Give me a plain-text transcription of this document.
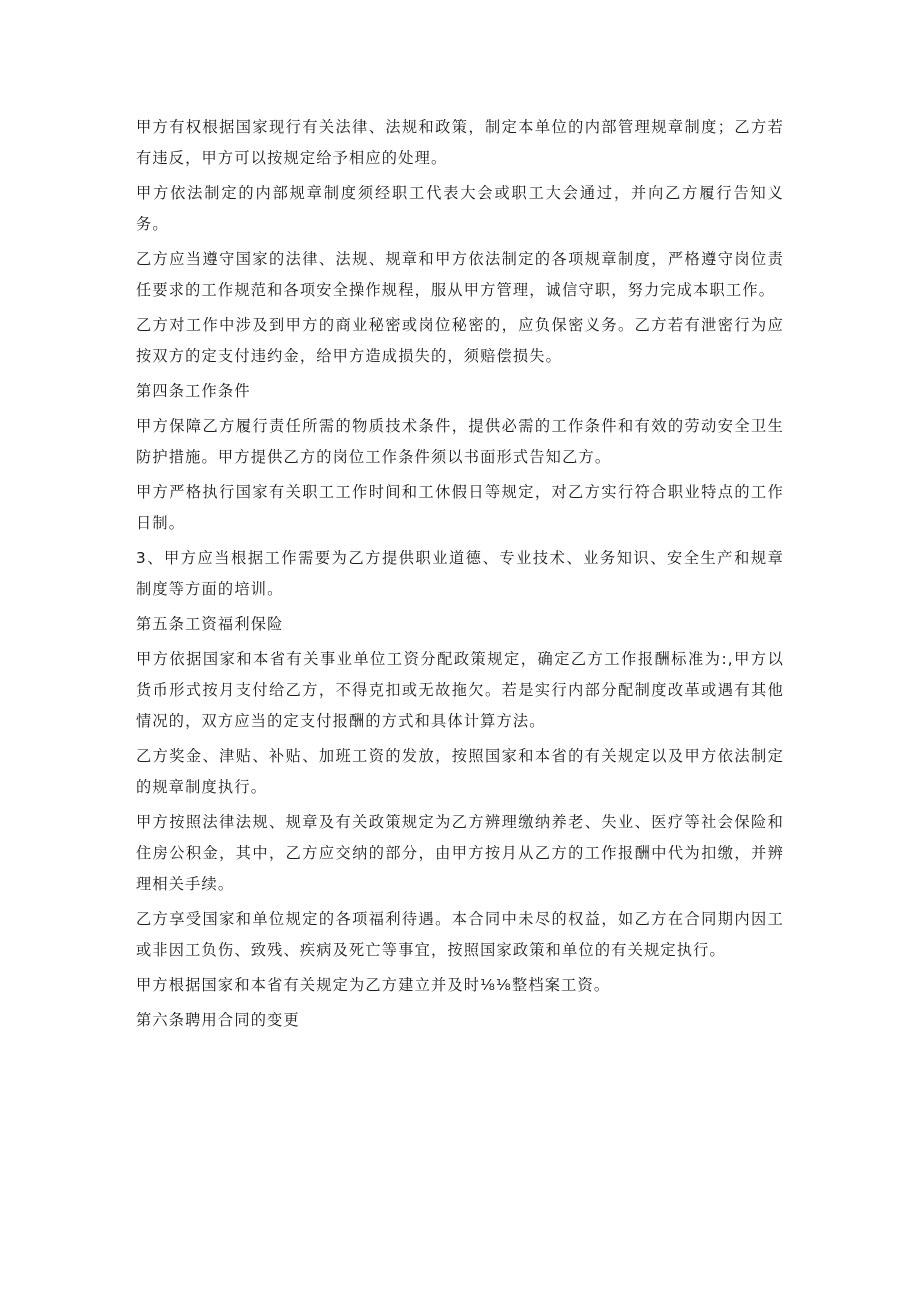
甲方有权根据国家现行有关法律、法规和政策，制定本单位的内部管理规章制度；乙方若有违反，甲方可以按规定给予相应的处理。

甲方依法制定的内部规章制度须经职工代表大会或职工大会通过，并向乙方履行告知义务。

乙方应当遵守国家的法律、法规、规章和甲方依法制定的各项规章制度，严格遵守岗位责任要求的工作规范和各项安全操作规程，服从甲方管理，诚信守职，努力完成本职工作。

乙方对工作中涉及到甲方的商业秘密或岗位秘密的，应负保密义务。乙方若有泄密行为应按双方的定支付违约金，给甲方造成损失的，须赔偿损失。

第四条工作条件

甲方保障乙方履行责任所需的物质技术条件，提供必需的工作条件和有效的劳动安全卫生防护措施。甲方提供乙方的岗位工作条件须以书面形式告知乙方。

甲方严格执行国家有关职工工作时间和工休假日等规定，对乙方实行符合职业特点的工作日制。

3、甲方应当根据工作需要为乙方提供职业道德、专业技术、业务知识、安全生产和规章制度等方面的培训。

第五条工资福利保险

甲方依据国家和本省有关事业单位工资分配政策规定，确定乙方工作报酬标准为:,甲方以货币形式按月支付给乙方，不得克扣或无故拖欠。若是实行内部分配制度改革或遇有其他情况的，双方应当的定支付报酬的方式和具体计算方法。

乙方奖金、津贴、补贴、加班工资的发放，按照国家和本省的有关规定以及甲方依法制定的规章制度执行。

甲方按照法律法规、规章及有关政策规定为乙方辨理缴纳养老、失业、医疗等社会保险和住房公积金，其中，乙方应交纳的部分，由甲方按月从乙方的工作报酬中代为扣缴，并辨理相关手续。

乙方享受国家和单位规定的各项福利待遇。本合同中未尽的权益，如乙方在合同期内因工或非因工负伤、致残、疾病及死亡等事宜，按照国家政策和单位的有关规定执行。

甲方根据国家和本省有关规定为乙方建立并及时⅛⅛整档案工资。

第六条聘用合同的变更
